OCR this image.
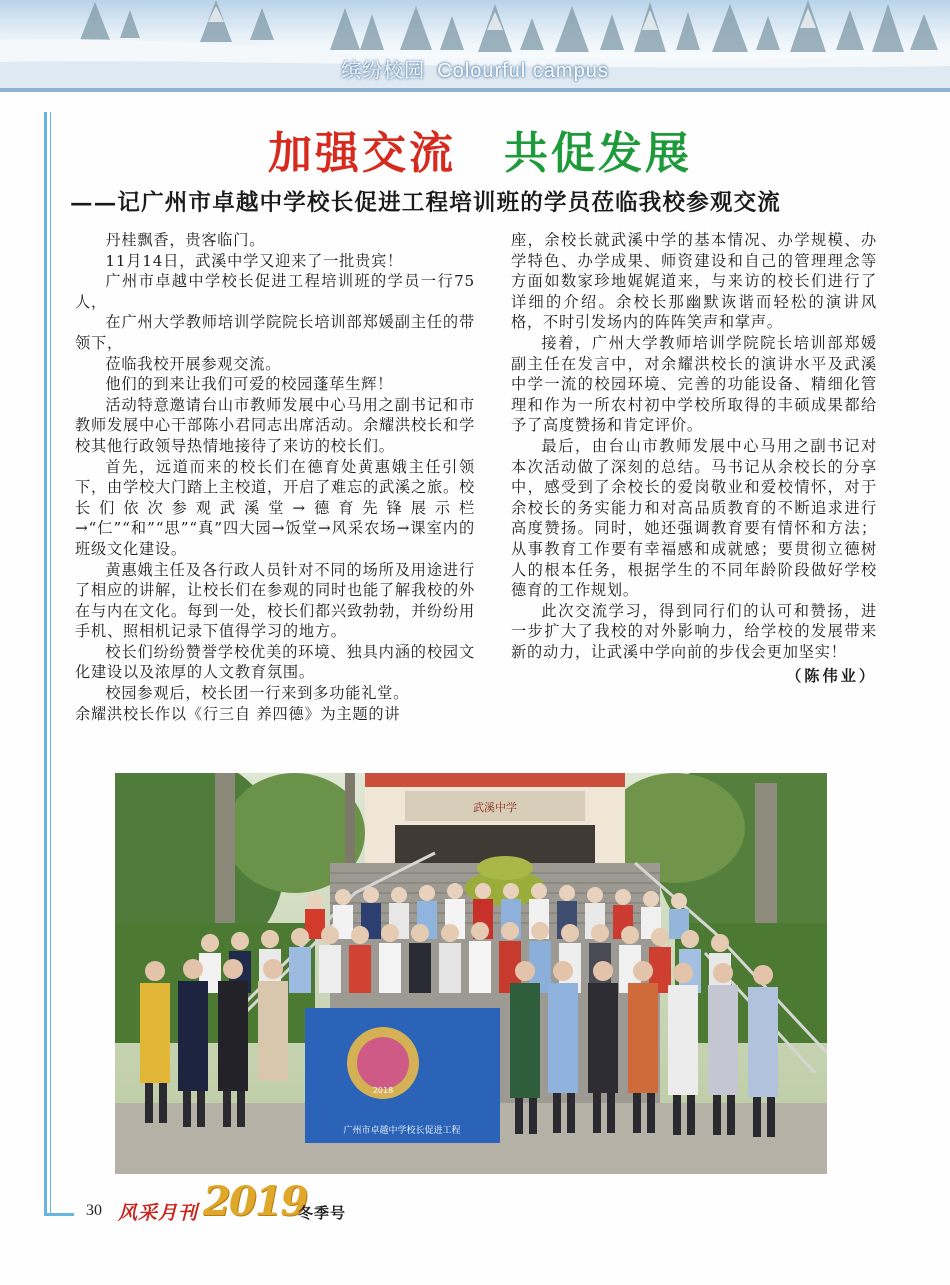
缤纷校园 Colourful campus
加强交流 共促发展
——记广州市卓越中学校长促进工程培训班的学员莅临我校参观交流

丹桂飘香，贵客临门。

11月14日，武溪中学又迎来了一批贵宾！

广州市卓越中学校长促进工程培训班的学员一行75人，

在广州大学教师培训学院院长培训部郑媛副主任的带领下，

莅临我校开展参观交流。

他们的到来让我们可爱的校园蓬荜生辉！

活动特意邀请台山市教师发展中心马用之副书记和市教师发展中心干部陈小君同志出席活动。余耀洪校长和学校其他行政领导热情地接待了来访的校长们。

首先，远道而来的校长们在德育处黄惠娥主任引领下，由学校大门踏上主校道，开启了难忘的武溪之旅。校长们依次参观武溪堂→德育先锋展示栏→“仁”“和”“思”“真”四大园→饭堂→风采农场→课室内的班级文化建设。

黄惠娥主任及各行政人员针对不同的场所及用途进行了相应的讲解，让校长们在参观的同时也能了解我校的外在与内在文化。每到一处，校长们都兴致勃勃，并纷纷用手机、照相机记录下值得学习的地方。

校长们纷纷赞誉学校优美的环境、独具内涵的校园文化建设以及浓厚的人文教育氛围。

校园参观后，校长团一行来到多功能礼堂。

余耀洪校长作以《行三自 养四德》为主题的讲

座，余校长就武溪中学的基本情况、办学规模、办学特色、办学成果、师资建设和自己的管理理念等方面如数家珍地娓娓道来，与来访的校长们进行了详细的介绍。余校长那幽默诙谐而轻松的演讲风格，不时引发场内的阵阵笑声和掌声。

接着，广州大学教师培训学院院长培训部郑媛副主任在发言中，对余耀洪校长的演讲水平及武溪中学一流的校园环境、完善的功能设备、精细化管理和作为一所农村初中学校所取得的丰硕成果都给予了高度赞扬和肯定评价。

最后，由台山市教师发展中心马用之副书记对本次活动做了深刻的总结。马书记从余校长的分享中，感受到了余校长的爱岗敬业和爱校情怀，对于余校长的务实能力和对高品质教育的不断追求进行高度赞扬。同时，她还强调教育要有情怀和方法；从事教育工作要有幸福感和成就感；要贯彻立德树人的根本任务，根据学生的不同年龄阶段做好学校德育的工作规划。

此次交流学习，得到同行们的认可和赞扬，进一步扩大了我校的对外影响力，给学校的发展带来新的动力，让武溪中学向前的步伐会更加坚实！

（陈伟业）
武溪中学
2018
广州市卓越中学校长促进工程
30 风采月刊 2019
冬季号
